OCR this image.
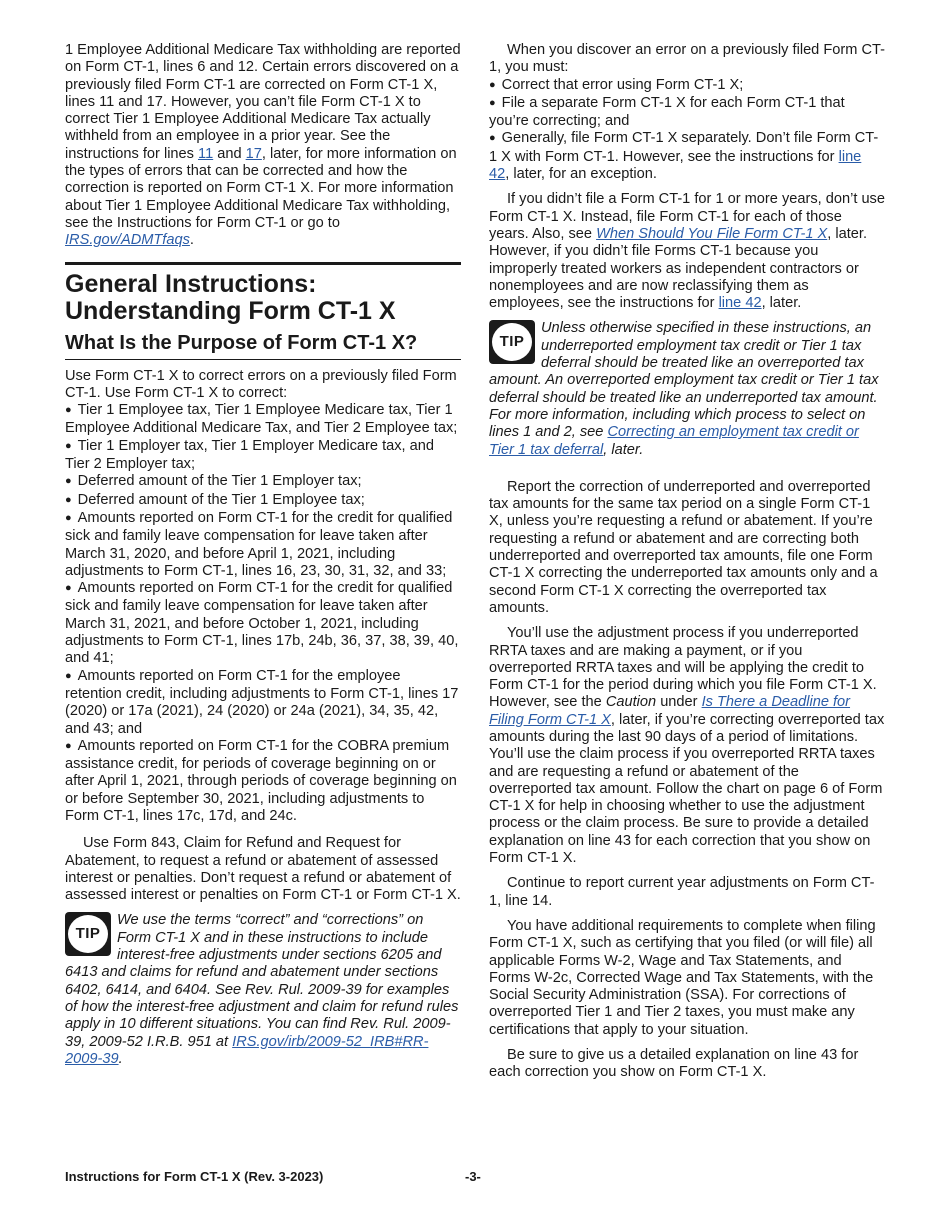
1 Employee Additional Medicare Tax withholding are reported on Form CT-1, lines 6 and 12. Certain errors discovered on a previously filed Form CT-1 are corrected on Form CT-1 X, lines 11 and 17. However, you can’t file Form CT-1 X to correct Tier 1 Employee Additional Medicare Tax actually withheld from an employee in a prior year. See the instructions for lines 11 and 17, later, for more information on the types of errors that can be corrected and how the correction is reported on Form CT-1 X. For more information about Tier 1 Employee Additional Medicare Tax withholding, see the Instructions for Form CT-1 or go to IRS.gov/ADMTfaqs.

General Instructions: Understanding Form CT-1 X
What Is the Purpose of Form CT-1 X?

Use Form CT-1 X to correct errors on a previously filed Form CT-1. Use Form CT-1 X to correct:

● Tier 1 Employee tax, Tier 1 Employee Medicare tax, Tier 1 Employee Additional Medicare Tax, and Tier 2 Employee tax;

● Tier 1 Employer tax, Tier 1 Employer Medicare tax, and Tier 2 Employer tax;

● Deferred amount of the Tier 1 Employer tax;

● Deferred amount of the Tier 1 Employee tax;

● Amounts reported on Form CT-1 for the credit for qualified sick and family leave compensation for leave taken after March 31, 2020, and before April 1, 2021, including adjustments to Form CT-1, lines 16, 23, 30, 31, 32, and 33;

● Amounts reported on Form CT-1 for the credit for qualified sick and family leave compensation for leave taken after March 31, 2021, and before October 1, 2021, including adjustments to Form CT-1, lines 17b, 24b, 36, 37, 38, 39, 40, and 41;

● Amounts reported on Form CT-1 for the employee retention credit, including adjustments to Form CT-1, lines 17 (2020) or 17a (2021), 24 (2020) or 24a (2021), 34, 35, 42, and 43; and

● Amounts reported on Form CT-1 for the COBRA premium assistance credit, for periods of coverage beginning on or after April 1, 2021, through periods of coverage beginning on or before September 30, 2021, including adjustments to Form CT-1, lines 17c, 17d, and 24c.

Use Form 843, Claim for Refund and Request for Abatement, to request a refund or abatement of assessed interest or penalties. Don’t request a refund or abatement of assessed interest or penalties on Form CT-1 or Form CT-1 X.

TIP
We use the terms “correct” and “corrections” on Form CT-1 X and in these instructions to include interest-free adjustments under sections 6205 and 6413 and claims for refund and abatement under sections 6402, 6414, and 6404. See Rev. Rul. 2009-39 for examples of how the interest-free adjustment and claim for refund rules apply in 10 different situations. You can find Rev. Rul. 2009-39, 2009-52 I.R.B. 951 at IRS.gov/irb/2009-52_IRB#RR-2009-39.

When you discover an error on a previously filed Form CT-1, you must:

● Correct that error using Form CT-1 X;

● File a separate Form CT-1 X for each Form CT-1 that you’re correcting; and

● Generally, file Form CT-1 X separately. Don’t file Form CT-1 X with Form CT-1. However, see the instructions for line 42, later, for an exception.

If you didn’t file a Form CT-1 for 1 or more years, don’t use Form CT-1 X. Instead, file Form CT-1 for each of those years. Also, see When Should You File Form CT-1 X, later. However, if you didn’t file Forms CT-1 because you improperly treated workers as independent contractors or nonemployees and are now reclassifying them as employees, see the instructions for line 42, later.

TIP
Unless otherwise specified in these instructions, an underreported employment tax credit or Tier 1 tax deferral should be treated like an overreported tax amount. An overreported employment tax credit or Tier 1 tax deferral should be treated like an underreported tax amount. For more information, including which process to select on lines 1 and 2, see Correcting an employment tax credit or Tier 1 tax deferral, later.

Report the correction of underreported and overreported tax amounts for the same tax period on a single Form CT-1 X, unless you’re requesting a refund or abatement. If you’re requesting a refund or abatement and are correcting both underreported and overreported tax amounts, file one Form CT-1 X correcting the underreported tax amounts only and a second Form CT-1 X correcting the overreported tax amounts.

You’ll use the adjustment process if you underreported RRTA taxes and are making a payment, or if you overreported RRTA taxes and will be applying the credit to Form CT-1 for the period during which you file Form CT-1 X. However, see the Caution under Is There a Deadline for Filing Form CT-1 X, later, if you’re correcting overreported tax amounts during the last 90 days of a period of limitations. You’ll use the claim process if you overreported RRTA taxes and are requesting a refund or abatement of the overreported tax amount. Follow the chart on page 6 of Form CT-1 X for help in choosing whether to use the adjustment process or the claim process. Be sure to provide a detailed explanation on line 43 for each correction that you show on Form CT-1 X.

Continue to report current year adjustments on Form CT-1, line 14.

You have additional requirements to complete when filing Form CT-1 X, such as certifying that you filed (or will file) all applicable Forms W-2, Wage and Tax Statements, and Forms W-2c, Corrected Wage and Tax Statements, with the Social Security Administration (SSA). For corrections of overreported Tier 1 and Tier 2 taxes, you must make any certifications that apply to your situation.

Be sure to give us a detailed explanation on line 43 for each correction you show on Form CT-1 X.

Instructions for Form CT-1 X (Rev. 3-2023)	-3-
